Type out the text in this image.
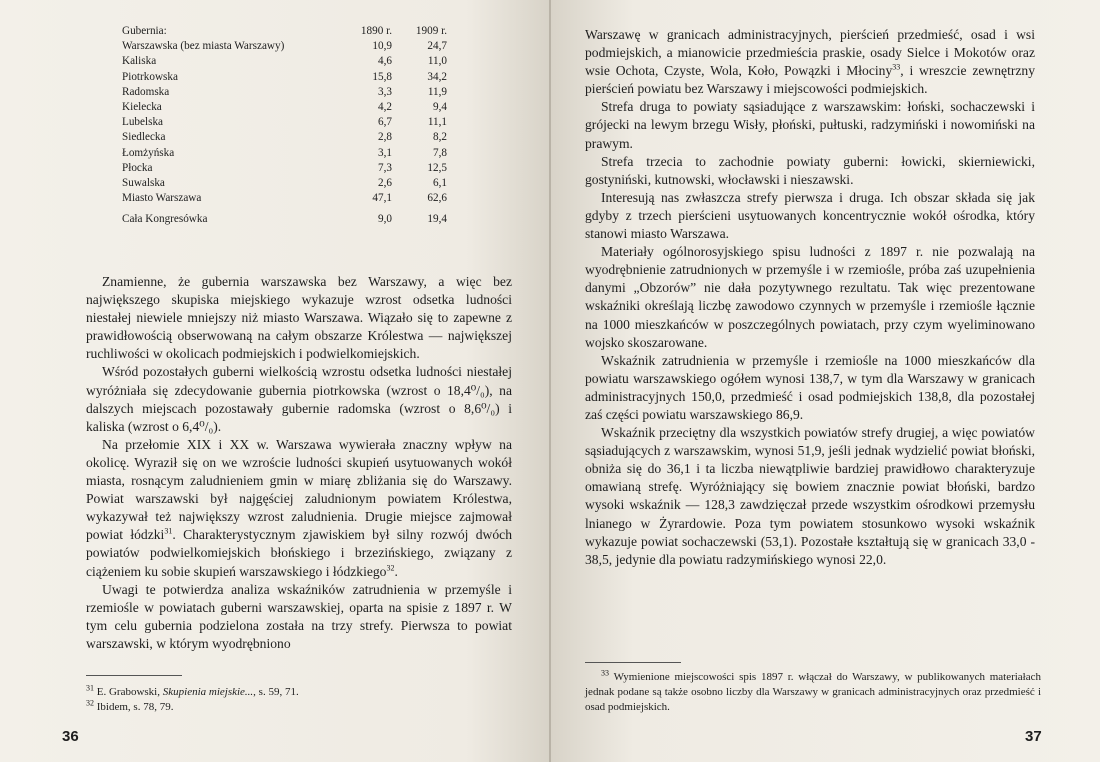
Gubernia:	1890 r.	1909 r.
Warszawska (bez miasta Warszawy)	10,9	24,7
Kaliska	4,6	11,0
Piotrkowska	15,8	34,2
Radomska	3,3	11,9
Kielecka	4,2	9,4
Lubelska	6,7	11,1
Siedlecka	2,8	8,2
Łomżyńska	3,1	7,8
Płocka	7,3	12,5
Suwalska	2,6	6,1
Miasto Warszawa	47,1	62,6
Cała Kongresówka	9,0	19,4

Znamienne, że gubernia warszawska bez Warszawy, a więc bez największego skupiska miejskiego wykazuje wzrost odsetka ludności niestałej niewiele mniejszy niż miasto Warszawa. Wiązało się to zapewne z prawidłowością obserwowaną na całym obszarze Królestwa — największej ruchliwości w okolicach podmiejskich i podwielkomiejskich.

Wśród pozostałych guberni wielkością wzrostu odsetka ludności niestałej wyróżniała się zdecydowanie gubernia piotrkowska (wzrost o 18,4⁰/₀), na dalszych miejscach pozostawały gubernie radomska (wzrost o 8,6⁰/₀) i kaliska (wzrost o 6,4⁰/₀).

Na przełomie XIX i XX w. Warszawa wywierała znaczny wpływ na okolicę. Wyraził się on we wzroście ludności skupień usytuowanych wokół miasta, rosnącym zaludnieniem gmin w miarę zbliżania się do Warszawy. Powiat warszawski był najgęściej zaludnionym powiatem Królestwa, wykazywał też największy wzrost zaludnienia. Drugie miejsce zajmował powiat łódzki$^{31}$. Charakterystycznym zjawiskiem był silny rozwój dwóch powiatów podwielkomiejskich błońskiego i brzezińskiego, związany z ciążeniem ku sobie skupień warszawskiego i łódzkiego$^{32}$.

Uwagi te potwierdza analiza wskaźników zatrudnienia w przemyśle i rzemiośle w powiatach guberni warszawskiej, oparta na spisie z 1897 r. W tym celu gubernia podzielona została na trzy strefy. Pierwsza to powiat warszawski, w którym wyodrębniono

$^{31}$ E. Grabowski, Skupienia miejskie..., s. 59, 71.

$^{32}$ Ibidem, s. 78, 79.

36

Warszawę w granicach administracyjnych, pierścień przedmieść, osad i wsi podmiejskich, a mianowicie przedmieścia praskie, osady Sielce i Mokotów oraz wsie Ochota, Czyste, Wola, Koło, Powązki i Młociny$^{33}$, i wreszcie zewnętrzny pierścień powiatu bez Warszawy i miejscowości podmiejskich.

Strefa druga to powiaty sąsiadujące z warszawskim: łoński, sochaczewski i grójecki na lewym brzegu Wisły, płoński, pułtuski, radzymiński i nowomiński na prawym.

Strefa trzecia to zachodnie powiaty guberni: łowicki, skierniewicki, gostyniński, kutnowski, włocławski i nieszawski.

Interesują nas zwłaszcza strefy pierwsza i druga. Ich obszar składa się jak gdyby z trzech pierścieni usytuowanych koncentrycznie wokół ośrodka, który stanowi miasto Warszawa.

Materiały ogólnorosyjskiego spisu ludności z 1897 r. nie pozwalają na wyodrębnienie zatrudnionych w przemyśle i w rzemiośle, próba zaś uzupełnienia danymi „Obzorów” nie dała pozytywnego rezultatu. Tak więc prezentowane wskaźniki określają liczbę zawodowo czynnych w przemyśle i rzemiośle łącznie na 1000 mieszkańców w poszczególnych powiatach, przy czym wyeliminowano wojsko skoszarowane.

Wskaźnik zatrudnienia w przemyśle i rzemiośle na 1000 mieszkańców dla powiatu warszawskiego ogółem wynosi 138,7, w tym dla Warszawy w granicach administracyjnych 150,0, przedmieść i osad podmiejskich 138,8, dla pozostałej zaś części powiatu warszawskiego 86,9.

Wskaźnik przeciętny dla wszystkich powiatów strefy drugiej, a więc powiatów sąsiadujących z warszawskim, wynosi 51,9, jeśli jednak wydzielić powiat błoński, obniża się do 36,1 i ta liczba niewątpliwie bardziej prawidłowo charakteryzuje omawianą strefę. Wyróżniający się bowiem znacznie powiat błoński, bardzo wysoki wskaźnik — 128,3 zawdzięczał przede wszystkim ośrodkowi przemysłu lnianego w Żyrardowie. Poza tym powiatem stosunkowo wysoki wskaźnik wykazuje powiat sochaczewski (53,1). Pozostałe kształtują się w granicach 33,0 - 38,5, jedynie dla powiatu radzymińskiego wynosi 22,0.

$^{33}$ Wymienione miejscowości spis 1897 r. włączał do Warszawy, w publikowanych materiałach jednak podane są także osobno liczby dla Warszawy w granicach administracyjnych oraz przedmieść i osad podmiejskich.

37
